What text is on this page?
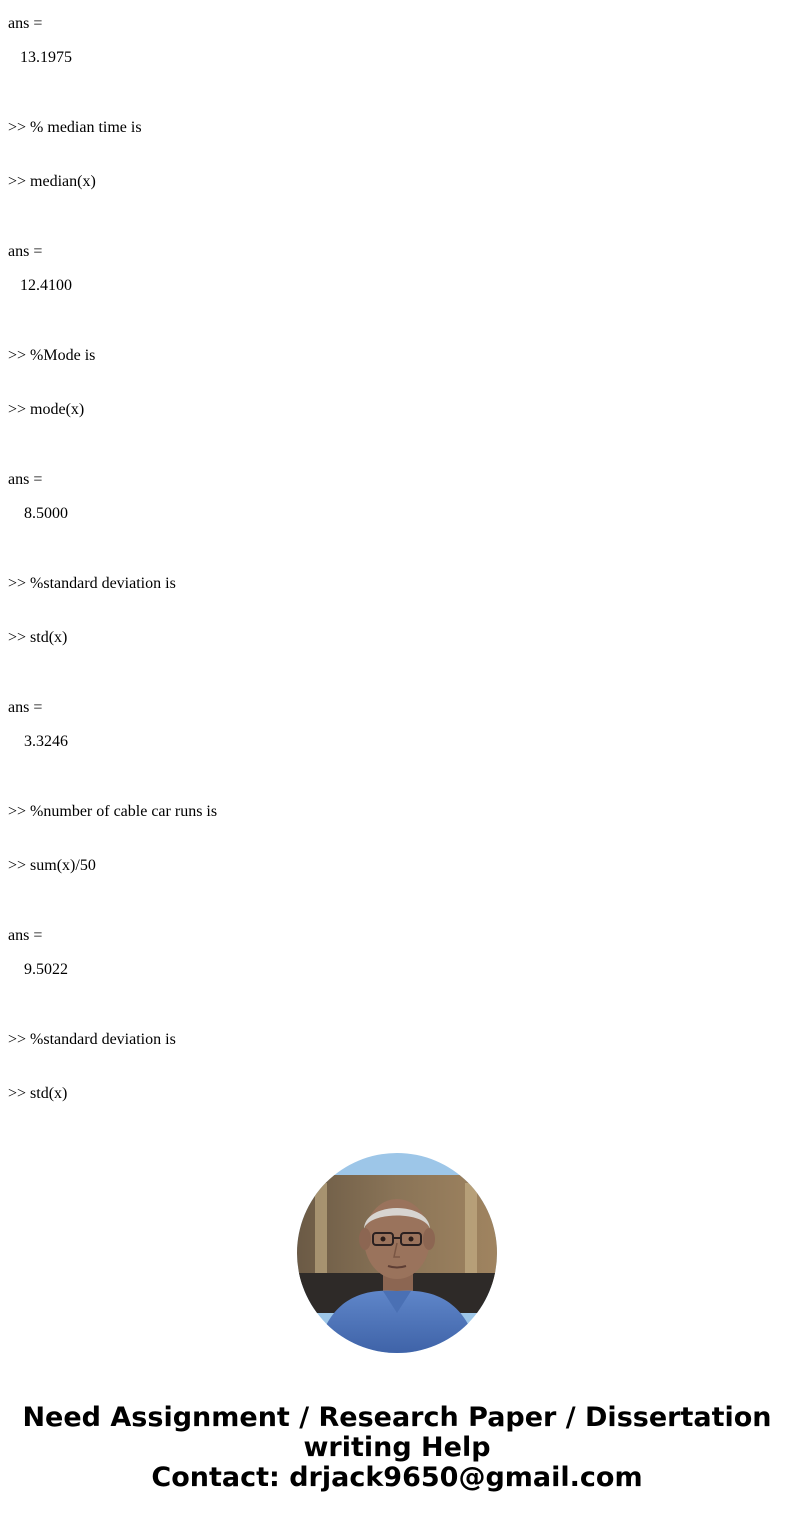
ans =
13.1975

>> % median time is

>> median(x)

ans =
12.4100

>> %Mode is

>> mode(x)

ans =
8.5000

>> %standard deviation is

>> std(x)

ans =
3.3246

>> %number of cable car runs is

>> sum(x)/50

ans =
9.5022

>> %standard deviation is

>> std(x)

Need Assignment / Research Paper / Dissertation
writing Help
Contact: drjack9650@gmail.com
